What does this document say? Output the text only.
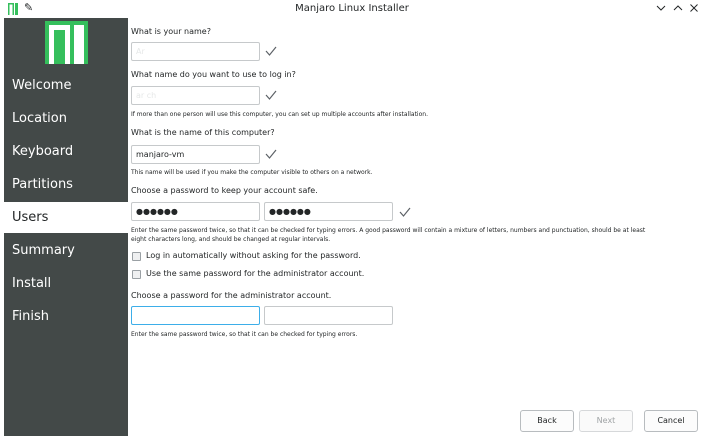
✎	Manjaro Linux Installer
Welcome
Location
Keyboard
Partitions
Users
Summary
Install
Finish
What is your name?
Ar
What name do you want to use to log in?
ar ch
If more than one person will use this computer, you can set up multiple accounts after installation.
What is the name of this computer?
manjaro-vm
This name will be used if you make the computer visible to others on a network.
Choose a password to keep your account safe.
●●●●●●	●●●●●●
Enter the same password twice, so that it can be checked for typing errors. A good password will contain a mixture of letters, numbers and punctuation, should be at least
eight characters long, and should be changed at regular intervals.
Log in automatically without asking for the password.
Use the same password for the administrator account.
Choose a password for the administrator account.
Enter the same password twice, so that it can be checked for typing errors.
Back	Next	Cancel
